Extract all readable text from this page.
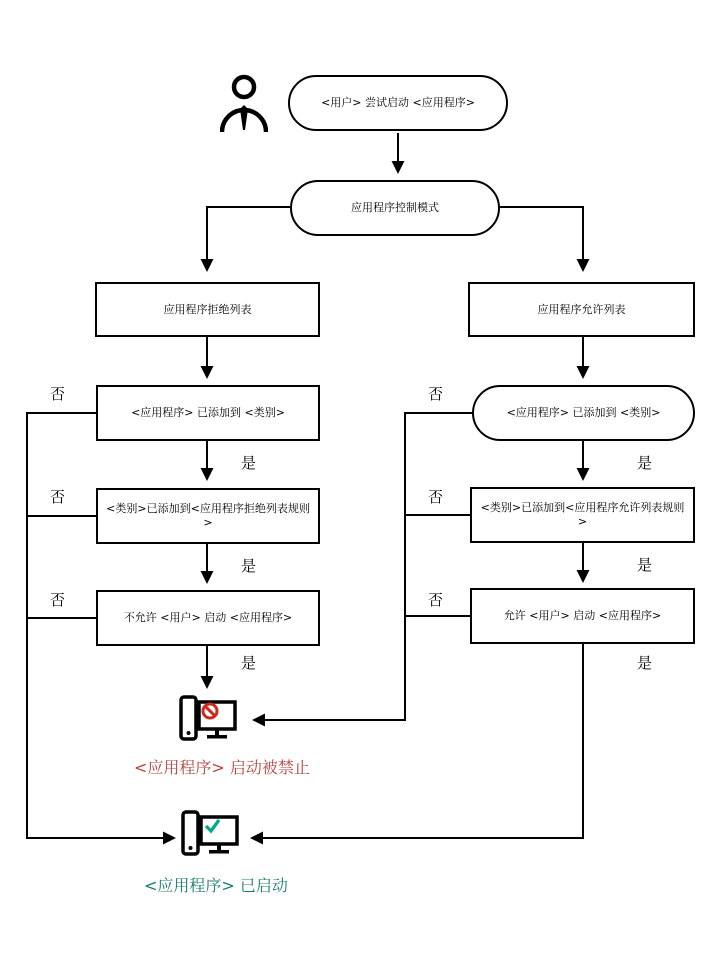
<用户> 尝试启动 <应用程序>
应用程序控制模式
应用程序拒绝列表	应用程序允许列表
<应用程序> 已添加到 <类别>
<类别>已添加到<应用程序拒绝列表规则>
不允许 <用户> 启动 <应用程序>
<应用程序> 已添加到 <类别>
<类别>已添加到<应用程序允许列表规则>
允许 <用户> 启动 <应用程序>
否
否
否
否
否
否
是
是
是
是
是
是
<应用程序> 启动被禁止
<应用程序> 已启动
